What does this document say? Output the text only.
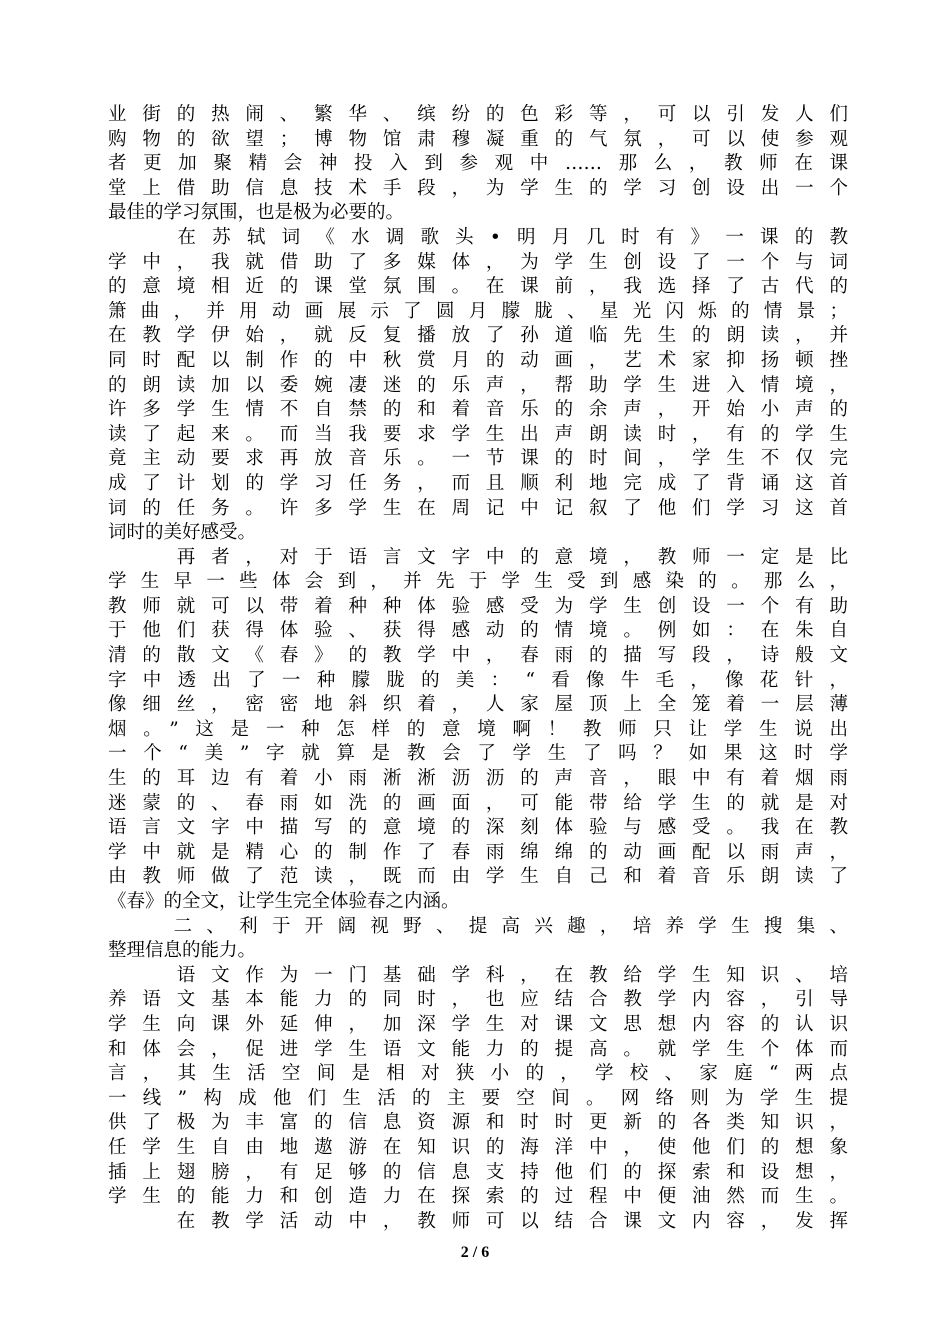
业街的热闹、繁华、缤纷的色彩等，可以引发人们
购物的欲望；博物馆肃穆凝重的气氛，可以使参观
者更加聚精会神投入到参观中……那么，教师在课
堂上借助信息技术手段，为学生的学习创设出一个
最佳的学习氛围，也是极为必要的。
　　在苏轼词《水调歌头•明月几时有》一课的教
学中，我就借助了多媒体，为学生创设了一个与词
的意境相近的课堂氛围。在课前，我选择了古代的
箫曲，并用动画展示了圆月朦胧、星光闪烁的情景；
在教学伊始，就反复播放了孙道临先生的朗读，并
同时配以制作的中秋赏月的动画，艺术家抑扬顿挫
的朗读加以委婉凄迷的乐声，帮助学生进入情境，
许多学生情不自禁的和着音乐的余声，开始小声的
读了起来。而当我要求学生出声朗读时，有的学生
竟主动要求再放音乐。一节课的时间，学生不仅完
成了计划的学习任务，而且顺利地完成了背诵这首
词的任务。许多学生在周记中记叙了他们学习这首
词时的美好感受。
　　再者，对于语言文字中的意境，教师一定是比
学生早一些体会到，并先于学生受到感染的。那么，
教师就可以带着种种体验感受为学生创设一个有助
于他们获得体验、获得感动的情境。例如：在朱自
清的散文《春》的教学中，春雨的描写段，诗般文
字中透出了一种朦胧的美：“看像牛毛，像花针，
像细丝，密密地斜织着，人家屋顶上全笼着一层薄
烟。”这是一种怎样的意境啊！教师只让学生说出
一个“美”字就算是教会了学生了吗？如果这时学
生的耳边有着小雨淅淅沥沥的声音，眼中有着烟雨
迷蒙的、春雨如洗的画面，可能带给学生的就是对
语言文字中描写的意境的深刻体验与感受。我在教
学中就是精心的制作了春雨绵绵的动画配以雨声，
由教师做了范读，既而由学生自己和着音乐朗读了
《春》的全文，让学生完全体验春之内涵。
　　二、利于开阔视野、提高兴趣，培养学生搜集、
整理信息的能力。
　　语文作为一门基础学科，在教给学生知识、培
养语文基本能力的同时，也应结合教学内容，引导
学生向课外延伸，加深学生对课文思想内容的认识
和体会，促进学生语文能力的提高。就学生个体而
言，其生活空间是相对狭小的，学校、家庭“两点
一线”构成他们生活的主要空间。网络则为学生提
供了极为丰富的信息资源和时时更新的各类知识，
任学生自由地遨游在知识的海洋中，使他们的想象
插上翅膀，有足够的信息支持他们的探索和设想，
学生的能力和创造力在探索的过程中便油然而生。
　　在教学活动中，教师可以结合课文内容，发挥
2 / 6
